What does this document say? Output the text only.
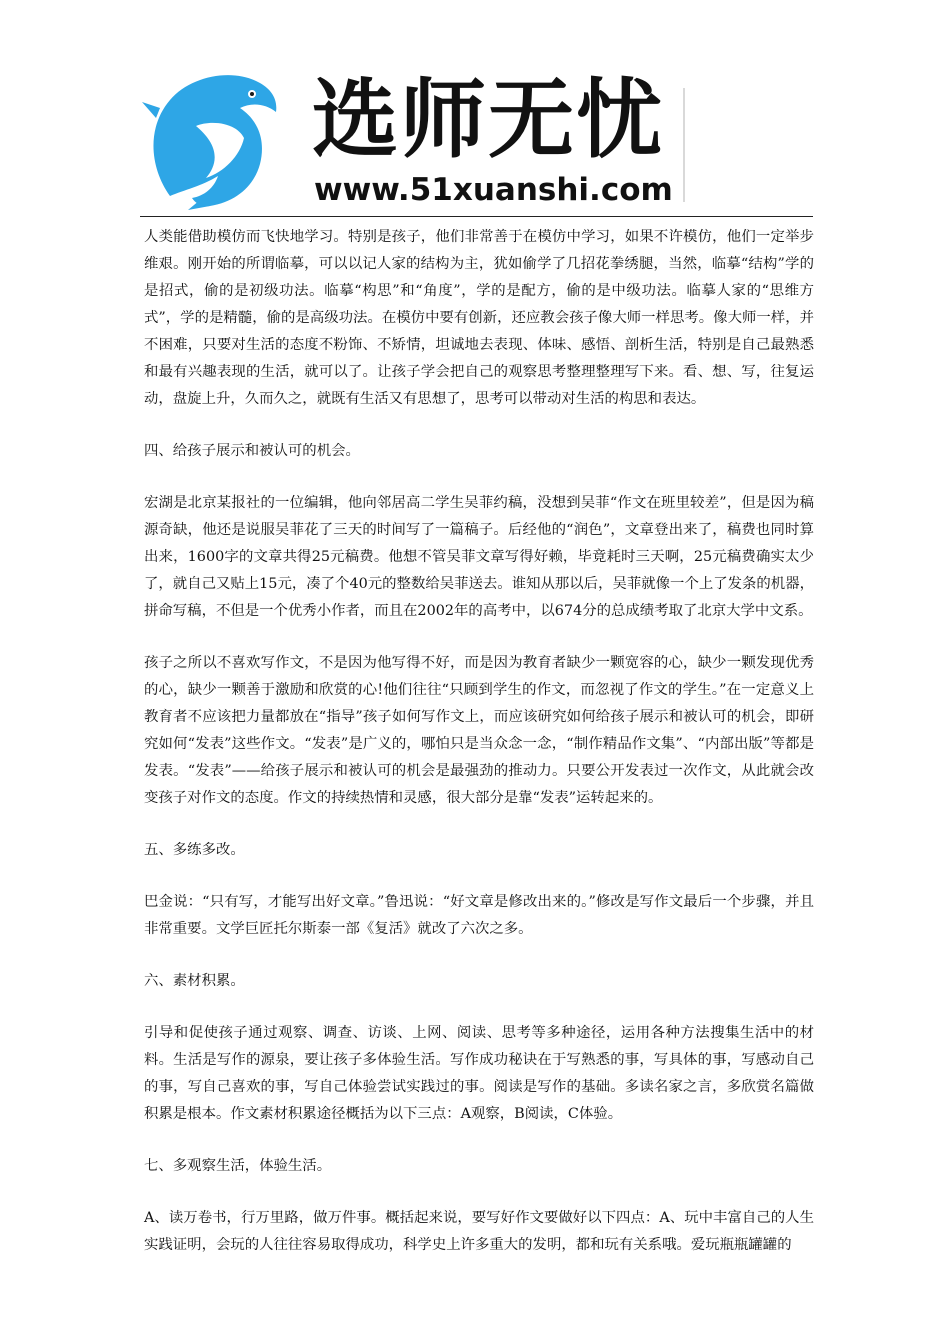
选师无忧
www.51xuanshi.com

人类能借助模仿而飞快地学习。特别是孩子，他们非常善于在模仿中学习，如果不许模仿，他们一定举步维艰。刚开始的所谓临摹，可以以记人家的结构为主，犹如偷学了几招花拳绣腿，当然，临摹“结构”学的是招式，偷的是初级功法。临摹“构思”和“角度”，学的是配方，偷的是中级功法。临摹人家的“思维方式”，学的是精髓，偷的是高级功法。在模仿中要有创新，还应教会孩子像大师一样思考。像大师一样，并不困难，只要对生活的态度不粉饰、不矫情，坦诚地去表现、体味、感悟、剖析生活，特别是自己最熟悉和最有兴趣表现的生活，就可以了。让孩子学会把自己的观察思考整理整理写下来。看、想、写，往复运动，盘旋上升，久而久之，就既有生活又有思想了，思考可以带动对生活的构思和表达。

四、给孩子展示和被认可的机会。

宏湖是北京某报社的一位编辑，他向邻居高二学生吴菲约稿，没想到吴菲“作文在班里较差”，但是因为稿源奇缺，他还是说服吴菲花了三天的时间写了一篇稿子。后经他的“润色”，文章登出来了，稿费也同时算出来，1600字的文章共得25元稿费。他想不管吴菲文章写得好赖，毕竟耗时三天啊，25元稿费确实太少了，就自己又贴上15元，凑了个40元的整数给吴菲送去。谁知从那以后，吴菲就像一个上了发条的机器，拼命写稿，不但是一个优秀小作者，而且在2002年的高考中，以674分的总成绩考取了北京大学中文系。

孩子之所以不喜欢写作文，不是因为他写得不好，而是因为教育者缺少一颗宽容的心，缺少一颗发现优秀的心，缺少一颗善于激励和欣赏的心!他们往往“只顾到学生的作文，而忽视了作文的学生。”在一定意义上教育者不应该把力量都放在“指导”孩子如何写作文上，而应该研究如何给孩子展示和被认可的机会，即研究如何“发表”这些作文。“发表”是广义的，哪怕只是当众念一念，“制作精品作文集”、“内部出版”等都是发表。“发表”——给孩子展示和被认可的机会是最强劲的推动力。只要公开发表过一次作文，从此就会改变孩子对作文的态度。作文的持续热情和灵感，很大部分是靠“发表”运转起来的。

五、多练多改。

巴金说：“只有写，才能写出好文章。”鲁迅说：“好文章是修改出来的。”修改是写作文最后一个步骤，并且非常重要。文学巨匠托尔斯泰一部《复活》就改了六次之多。

六、素材积累。

引导和促使孩子通过观察、调查、访谈、上网、阅读、思考等多种途径，运用各种方法搜集生活中的材料。生活是写作的源泉，要让孩子多体验生活。写作成功秘诀在于写熟悉的事，写具体的事，写感动自己的事，写自己喜欢的事，写自己体验尝试实践过的事。阅读是写作的基础。多读名家之言，多欣赏名篇做积累是根本。作文素材积累途径概括为以下三点：A观察，B阅读，C体验。

七、多观察生活，体验生活。

A、读万卷书，行万里路，做万件事。概括起来说，要写好作文要做好以下四点：A、玩中丰富自己的人生实践证明，会玩的人往往容易取得成功，科学史上许多重大的发明，都和玩有关系哦。爱玩瓶瓶罐罐的
